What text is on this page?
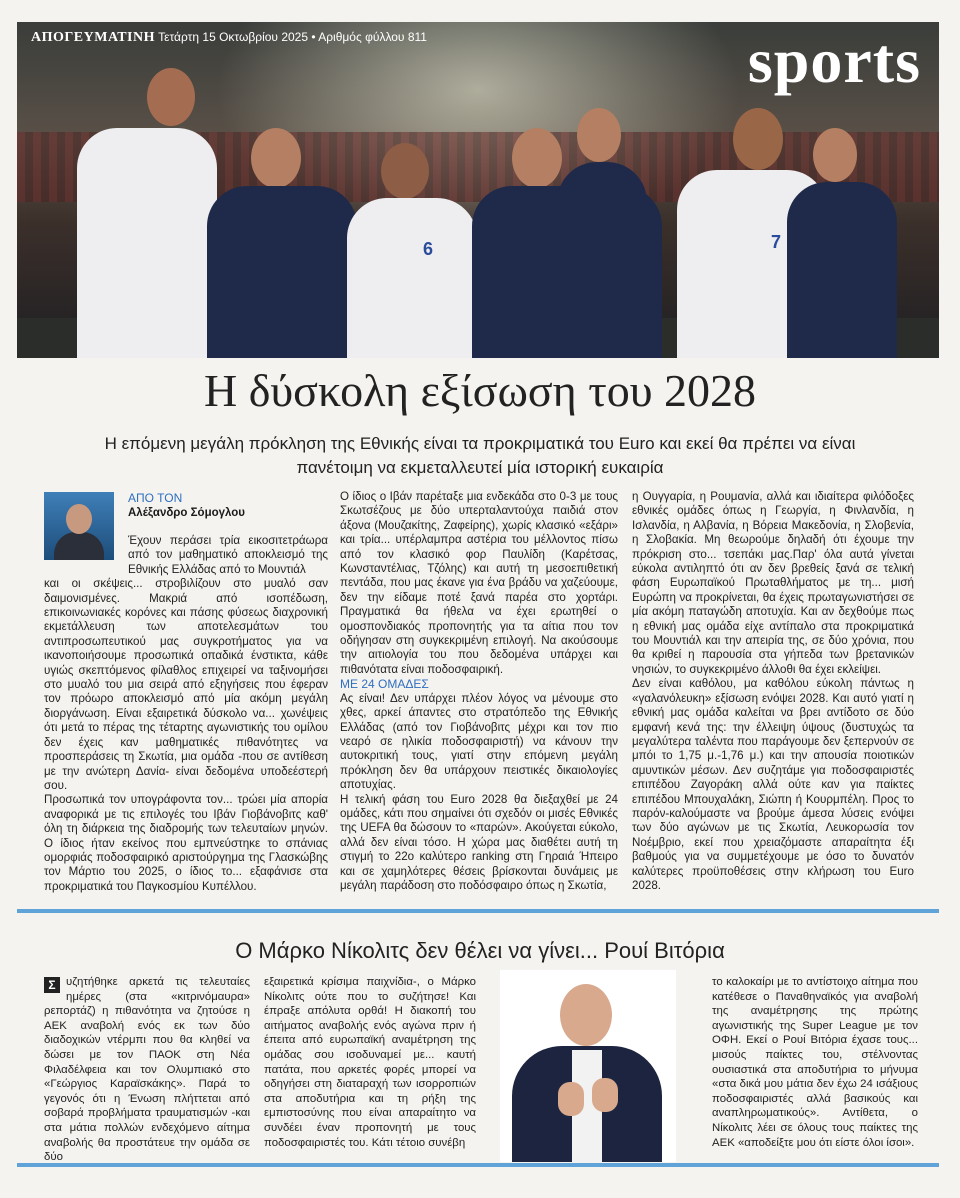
6	7
ΑΠΟΓΕΥΜΑΤΙΝΗ Τετάρτη 15 Οκτωβρίου 2025 • Αριθμός φύλλου 811	sports
Η δύσκολη εξίσωση του 2028
Η επόμενη μεγάλη πρόκληση της Εθνικής είναι τα προκριματικά του Euro και εκεί θα πρέπει να είναι πανέτοιμη να εκμεταλλευτεί μία ιστορική ευκαιρία
ΑΠΟ ΤΟΝ
Αλέξανδρο Σόμογλου

Έχουν περάσει τρία εικοσιτετράωρα από τον μαθηματικό αποκλεισμό της Εθνικής Ελλάδας από το Μουντιάλ

και οι σκέψεις... στροβιλίζουν στο μυαλό σαν δαιμονισμένες. Μακριά από ισοπέδωση, επικοινωνιακές κορόνες και πάσης φύσεως διαχρονική εκμετάλλευση των αποτελεσμάτων του αντιπροσωπευτικού μας συγκροτήματος για να ικανοποιήσουμε προσωπικά οπαδικά ένστικτα, κάθε υγιώς σκεπτόμενος φίλαθλος επιχειρεί να ταξινομήσει στο μυαλό του μια σειρά από εξηγήσεις που έφεραν τον πρόωρο αποκλεισμό από μία ακόμη μεγάλη διοργάνωση. Είναι εξαιρετικά δύσκολο να... χωνέψεις ότι μετά το πέρας της τέταρτης αγωνιστικής του ομίλου δεν έχεις καν μαθηματικές πιθανότητες να προσπεράσεις τη Σκωτία, μια ομάδα -που σε αντίθεση με την ανώτερη Δανία- είναι δεδομένα υποδεέστερή σου.

Προσωπικά τον υπογράφοντα τον... τρώει μία απορία αναφορικά με τις επιλογές του Ιβάν Γιοβάνοβιτς καθ' όλη τη διάρκεια της διαδρομής των τελευταίων μηνών. Ο ίδιος ήταν εκείνος που εμπνεύστηκε το σπάνιας ομορφιάς ποδοσφαιρικό αριστούργημα της Γλασκώβης τον Μάρτιο του 2025, ο ίδιος το... εξαφάνισε στα προκριματικά του Παγκοσμίου Κυπέλλου.

Ο ίδιος ο Ιβάν παρέταξε μια ενδεκάδα στο 0-3 με τους Σκωτσέζους με δύο υπερταλαντούχα παιδιά στον άξονα (Μουζακίτης, Ζαφείρης), χωρίς κλασικό «εξάρι» και τρία... υπέρλαμπρα αστέρια του μέλλοντος πίσω από τον κλασικό φορ Παυλίδη (Καρέτσας, Κωνσταντέλιας, Τζόλης) και αυτή τη μεσοεπιθετική πεντάδα, που μας έκανε για ένα βράδυ να χαζεύουμε, δεν την είδαμε ποτέ ξανά παρέα στο χορτάρι. Πραγματικά θα ήθελα να έχει ερωτηθεί ο ομοσπονδιακός προπονητής για τα αίτια που τον οδήγησαν στη συγκεκριμένη επιλογή. Να ακούσουμε την αιτιολογία του που δεδομένα υπάρχει και πιθανότατα είναι ποδοσφαιρική.

ΜΕ 24 ΟΜΑΔΕΣ

Ας είναι! Δεν υπάρχει πλέον λόγος να μένουμε στο χθες, αρκεί άπαντες στο στρατόπεδο της Εθνικής Ελλάδας (από τον Γιοβάνοβιτς μέχρι και τον πιο νεαρό σε ηλικία ποδοσφαιριστή) να κάνουν την αυτοκριτική τους, γιατί στην επόμενη μεγάλη πρόκληση δεν θα υπάρχουν πειστικές δικαιολογίες αποτυχίας.

Η τελική φάση του Euro 2028 θα διεξαχθεί με 24 ομάδες, κάτι που σημαίνει ότι σχεδόν οι μισές Εθνικές της UEFA θα δώσουν το «παρών». Ακούγεται εύκολο, αλλά δεν είναι τόσο. Η χώρα μας διαθέτει αυτή τη στιγμή το 22ο καλύτερο ranking στη Γηραιά Ήπειρο και σε χαμηλότερες θέσεις βρίσκονται δυνάμεις με μεγάλη παράδοση στο ποδόσφαιρο όπως η Σκωτία,

η Ουγγαρία, η Ρουμανία, αλλά και ιδιαίτερα φιλόδοξες εθνικές ομάδες όπως η Γεωργία, η Φινλανδία, η Ισλανδία, η Αλβανία, η Βόρεια Μακεδονία, η Σλοβενία, η Σλοβακία. Μη θεωρούμε δηλαδή ότι έχουμε την πρόκριση στο... τσεπάκι μας.Παρ' όλα αυτά γίνεται εύκολα αντιληπτό ότι αν δεν βρεθείς ξανά σε τελική φάση Ευρωπαϊκού Πρωταθλήματος με τη... μισή Ευρώπη να προκρίνεται, θα έχεις πρωταγωνιστήσει σε μία ακόμη παταγώδη αποτυχία. Και αν δεχθούμε πως η εθνική μας ομάδα είχε αντίπαλο στα προκριματικά του Μουντιάλ και την απειρία της, σε δύο χρόνια, που θα κριθεί η παρουσία στα γήπεδα των βρετανικών νησιών, το συγκεκριμένο άλλοθι θα έχει εκλείψει.

Δεν είναι καθόλου, μα καθόλου εύκολη πάντως η «γαλανόλευκη» εξίσωση ενόψει 2028. Και αυτό γιατί η εθνική μας ομάδα καλείται να βρει αντίδοτο σε δύο εμφανή κενά της: την έλλειψη ύψους (δυστυχώς τα μεγαλύτερα ταλέντα που παράγουμε δεν ξεπερνούν σε μπόι το 1,75 μ.-1,76 μ.) και την απουσία ποιοτικών αμυντικών μέσων. Δεν συζητάμε για ποδοσφαιριστές επιπέδου Ζαγοράκη αλλά ούτε καν για παίκτες επιπέδου Μπουχαλάκη, Σιώπη ή Κουρμπέλη. Προς το παρόν-καλούμαστε να βρούμε άμεσα λύσεις ενόψει των δύο αγώνων με τις Σκωτία, Λευκορωσία τον Νοέμβριο, εκεί που χρειαζόμαστε απαραίτητα έξι βαθμούς για να συμμετέχουμε με όσο το δυνατόν καλύτερες προϋποθέσεις στην κλήρωση του Euro 2028.

Ο Μάρκο Νίκολιτς δεν θέλει να γίνει... Ρουί Βιτόρια
Σ υζητήθηκε αρκετά τις τελευταίες ημέρες (στα «κιτρινόμαυρα» ρεπορτάζ) η πιθανότητα να ζητούσε η ΑΕΚ αναβολή ενός εκ των δύο διαδοχικών ντέρμπι που θα κληθεί να δώσει με τον ΠΑΟΚ στη Νέα Φιλαδέλφεια και τον Ολυμπιακό στο «Γεώργιος Καραϊσκάκης». Παρά το γεγονός ότι η Ένωση πλήττεται από σοβαρά προβλήματα τραυματισμών -και στα μάτια πολλών ενδεχόμενο αίτημα αναβολής θα προστάτευε την ομάδα σε δύο

εξαιρετικά κρίσιμα παιχνίδια-, ο Μάρκο Νίκολιτς ούτε που το συζήτησε! Και έπραξε απόλυτα ορθά! Η διακοπή του αιτήματος αναβολής ενός αγώνα πριν ή έπειτα από ευρωπαϊκή αναμέτρηση της ομάδας σου ισοδυναμεί με... καυτή πατάτα, που αρκετές φορές μπορεί να οδηγήσει στη διαταραχή των ισορροπιών στα αποδυτήρια και τη ρήξη της εμπιστοσύνης που είναι απαραίτητο να συνδέει έναν προπονητή με τους ποδοσφαιριστές του. Κάτι τέτοιο συνέβη

το καλοκαίρι με το αντίστοιχο αίτημα που κατέθεσε ο Παναθηναϊκός για αναβολή της αναμέτρησης της πρώτης αγωνιστικής της Super League με τον ΟΦΗ. Εκεί ο Ρουί Βιτόρια έχασε τους... μισούς παίκτες του, στέλνοντας ουσιαστικά στα αποδυτήρια το μήνυμα «στα δικά μου μάτια δεν έχω 24 ισάξιους ποδοσφαιριστές αλλά βασικούς και αναπληρωματικούς». Αντίθετα, ο Νίκολιτς λέει σε όλους τους παίκτες της ΑΕΚ «αποδείξτε μου ότι είστε όλοι ίσοι».
